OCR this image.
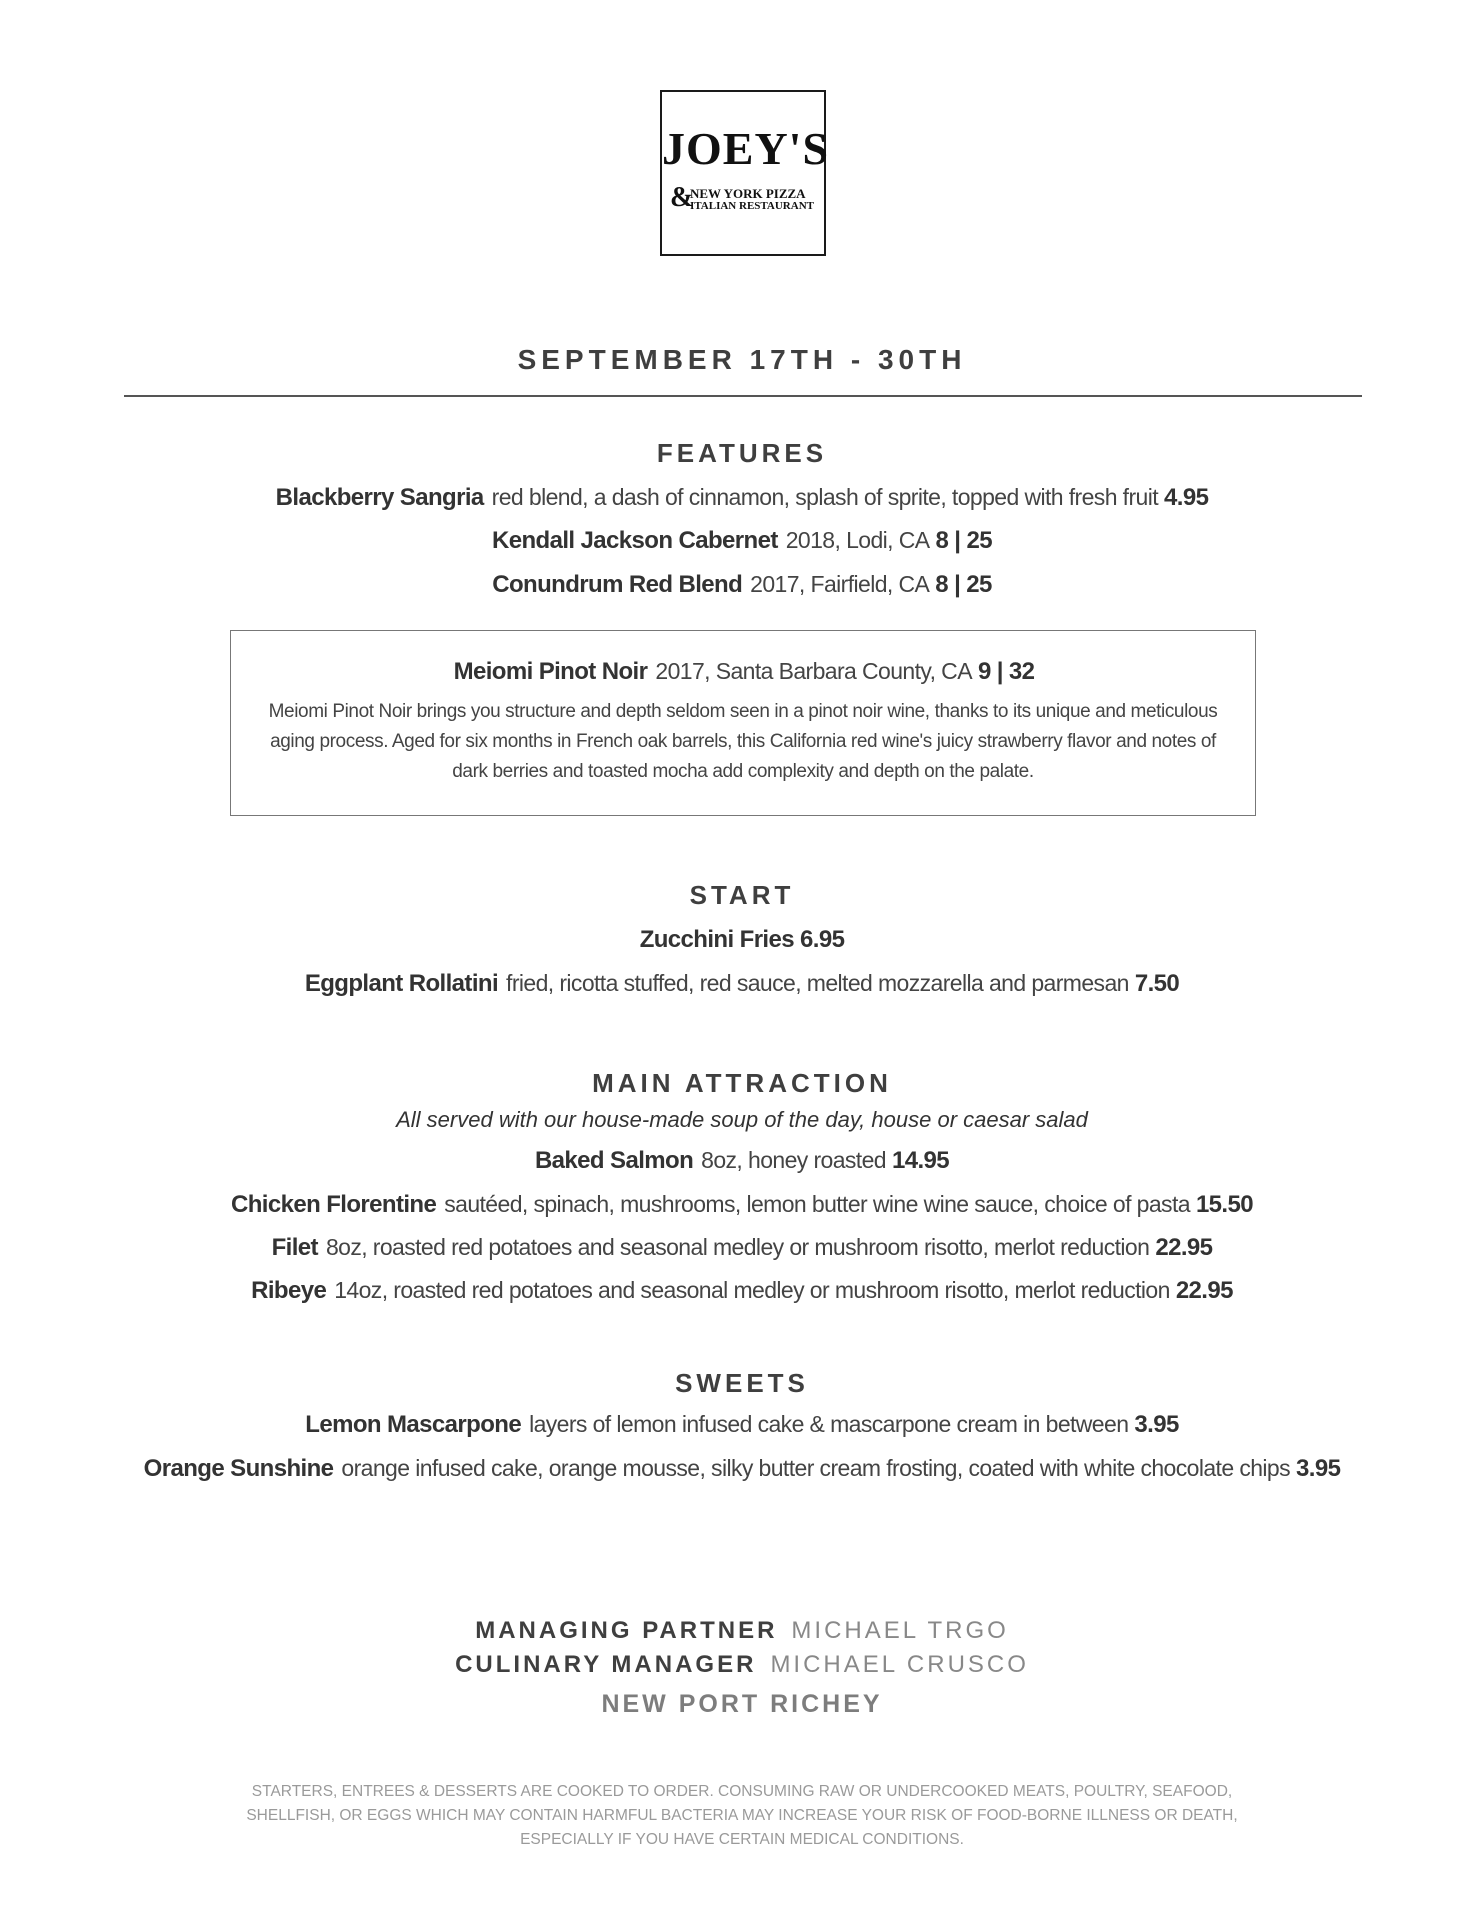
JOEY'S
&
NEW YORK PIZZA
ITALIAN RESTAURANT
SEPTEMBER 17TH - 30TH
FEATURES
Blackberry Sangria red blend, a dash of cinnamon, splash of sprite, topped with fresh fruit 4.95
Kendall Jackson Cabernet 2018, Lodi, CA 8 | 25
Conundrum Red Blend 2017, Fairfield, CA 8 | 25
Meiomi Pinot Noir 2017, Santa Barbara County, CA 9 | 32
Meiomi Pinot Noir brings you structure and depth seldom seen in a pinot noir wine, thanks to its unique and meticulous aging process. Aged for six months in French oak barrels, this California red wine's juicy strawberry flavor and notes of dark berries and toasted mocha add complexity and depth on the palate.
START
Zucchini Fries 6.95
Eggplant Rollatini fried, ricotta stuffed, red sauce, melted mozzarella and parmesan 7.50
MAIN ATTRACTION
All served with our house-made soup of the day, house or caesar salad
Baked Salmon 8oz, honey roasted 14.95
Chicken Florentine sautéed, spinach, mushrooms, lemon butter wine wine sauce, choice of pasta 15.50
Filet 8oz, roasted red potatoes and seasonal medley or mushroom risotto, merlot reduction 22.95
Ribeye 14oz, roasted red potatoes and seasonal medley or mushroom risotto, merlot reduction 22.95
SWEETS
Lemon Mascarpone layers of lemon infused cake & mascarpone cream in between 3.95
Orange Sunshine orange infused cake, orange mousse, silky butter cream frosting, coated with white chocolate chips 3.95
MANAGING PARTNER MICHAEL TRGO
CULINARY MANAGER MICHAEL CRUSCO
NEW PORT RICHEY
STARTERS, ENTREES & DESSERTS ARE COOKED TO ORDER. CONSUMING RAW OR UNDERCOOKED MEATS, POULTRY, SEAFOOD, SHELLFISH, OR EGGS WHICH MAY CONTAIN HARMFUL BACTERIA MAY INCREASE YOUR RISK OF FOOD-BORNE ILLNESS OR DEATH, ESPECIALLY IF YOU HAVE CERTAIN MEDICAL CONDITIONS.
